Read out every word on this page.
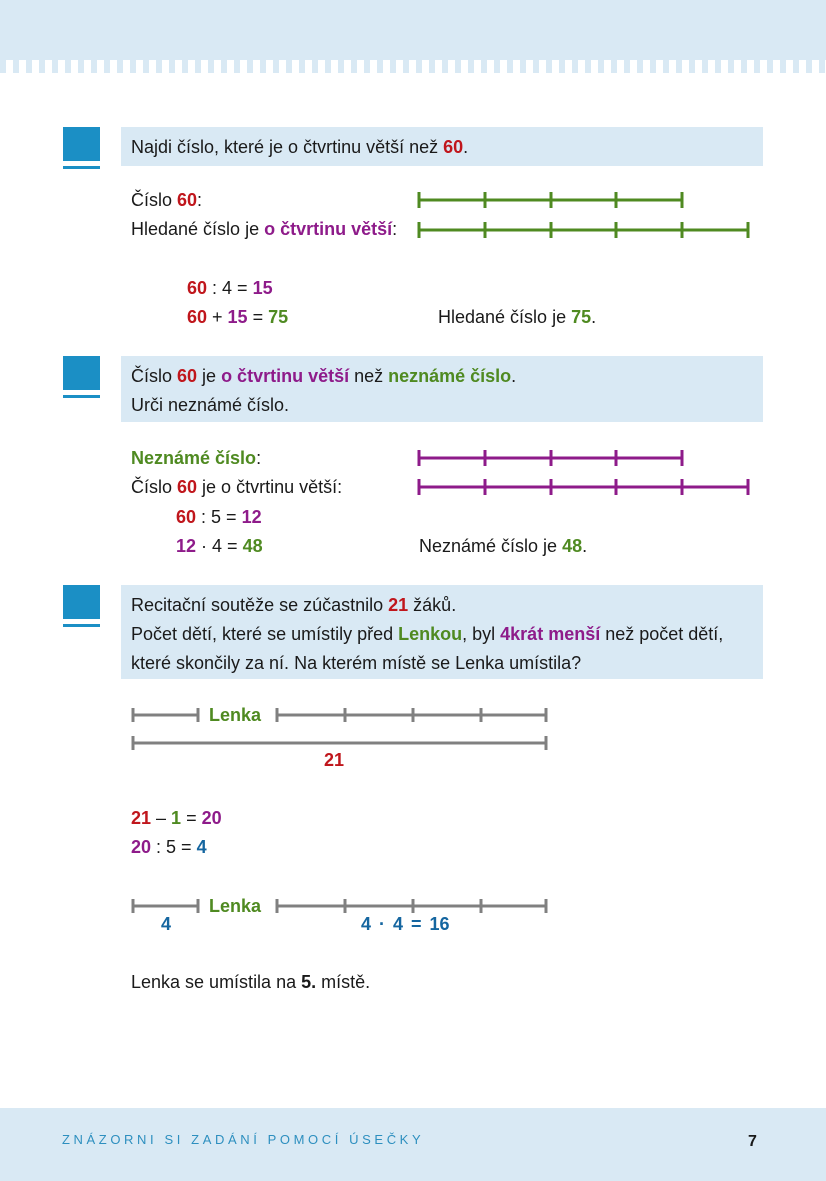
ZNÁZORNI SI ZADÁNÍ POMOCÍ ÚSEČKY	7
Najdi číslo, které je o čtvrtinu větší než 60.
Číslo 60:
Hledané číslo je o čtvrtinu větší:
60 : 4 = 15
60 + 15 = 75	Hledané číslo je 75.
Číslo 60 je o čtvrtinu větší než neznámé číslo.
Urči neznámé číslo.
Neznámé číslo:
Číslo 60 je o čtvrtinu větší:
60 : 5 = 12
12 · 4 = 48	Neznámé číslo je 48.
Recitační soutěže se zúčastnilo 21 žáků.
Počet dětí, které se umístily před Lenkou, byl 4krát menší než počet dětí,
které skončily za ní. Na kterém místě se Lenka umístila?
Lenka
21
21 – 1 = 20
20 : 5 = 4
Lenka
4	4 · 4 = 16
Lenka se umístila na 5. místě.
